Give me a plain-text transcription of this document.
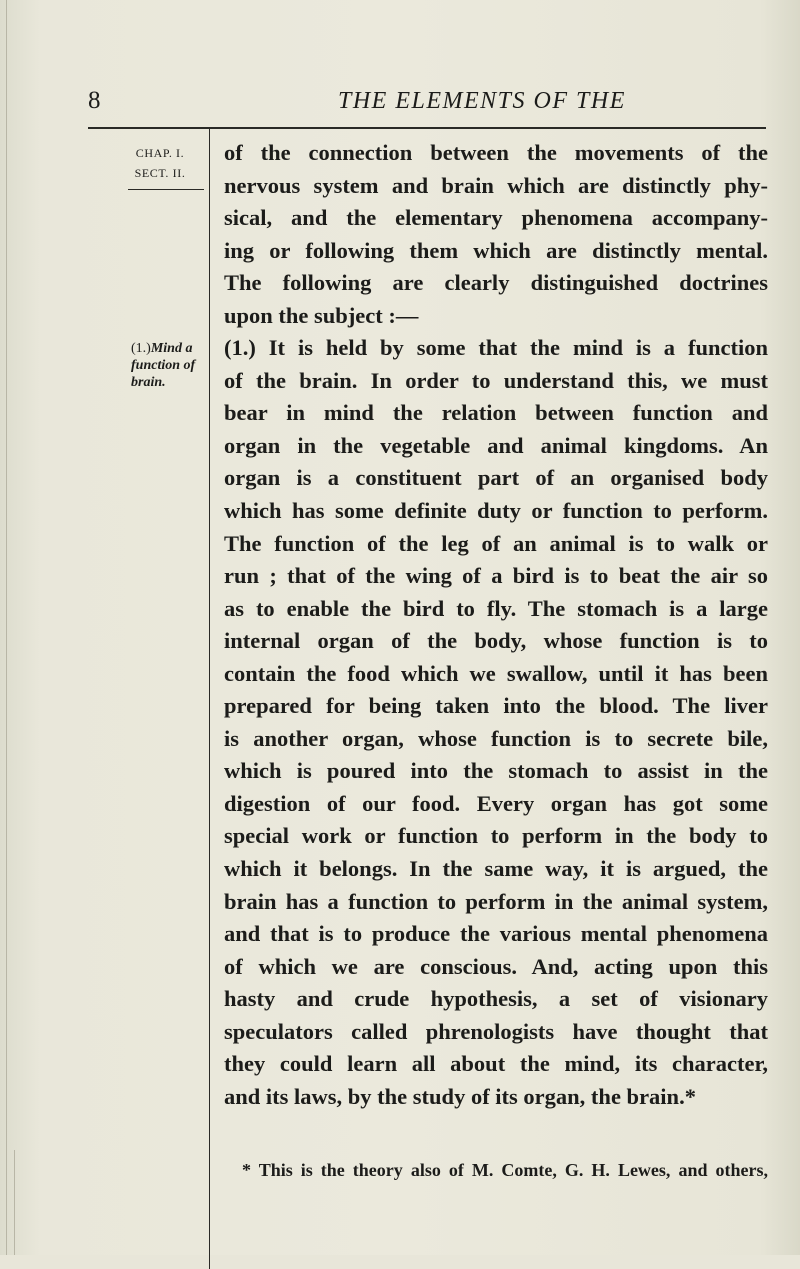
8	THE ELEMENTS OF THE
CHAP. I.
SECT. II.
(1.)Mind a
function of
brain.
of the connection between the movements of the
nervous system and brain which are distinctly phy-
sical, and the elementary phenomena accompany-
ing or following them which are distinctly mental.
The following are clearly distinguished doctrines
upon the subject :—
(1.) It is held by some that the mind is a function
of the brain. In order to understand this, we must
bear in mind the relation between function and
organ in the vegetable and animal kingdoms. An
organ is a constituent part of an organised body
which has some definite duty or function to perform.
The function of the leg of an animal is to walk or
run ; that of the wing of a bird is to beat the air so
as to enable the bird to fly. The stomach is a large
internal organ of the body, whose function is to
contain the food which we swallow, until it has been
prepared for being taken into the blood. The liver
is another organ, whose function is to secrete bile,
which is poured into the stomach to assist in the
digestion of our food. Every organ has got some
special work or function to perform in the body to
which it belongs. In the same way, it is argued, the
brain has a function to perform in the animal system,
and that is to produce the various mental phenomena
of which we are conscious. And, acting upon this
hasty and crude hypothesis, a set of visionary
speculators called phrenologists have thought that
they could learn all about the mind, its character,
and its laws, by the study of its organ, the brain.*
* This is the theory also of M. Comte, G. H. Lewes, and others,
